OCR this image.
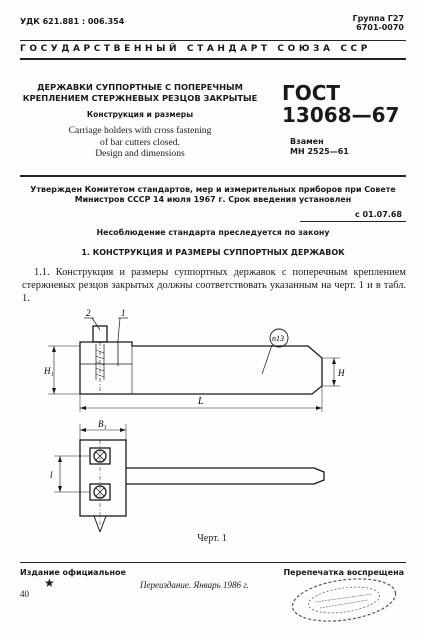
УДК 621.881 : 006.354	Группа Г27
6701-0070
ГОСУДАРСТВЕННЫЙ СТАНДАРТ СОЮЗА ССР
ДЕРЖАВКИ СУППОРТНЫЕ С ПОПЕРЕЧНЫМ
КРЕПЛЕНИЕМ СТЕРЖНЕВЫХ РЕЗЦОВ ЗАКРЫТЫЕ
Конструкция и размеры
Carriage holders with cross fastening
of bar cutters closed.
Design and dimensions
ГОСТ
13068—67
Взамен
МН 2525—61
Утвержден Комитетом стандартов, мер и измерительных приборов при Совете Министров СССР 14 июля 1967 г. Срок введения установлен
с 01.07.68
Несоблюдение стандарта преследуется по закону
1. КОНСТРУКЦИЯ И РАЗМЕРЫ СУППОРТНЫХ ДЕРЖАВОК
1.1. Конструкция и размеры суппортных державок с поперечным креплением стержневых резцов закрытых должны соответствовать указанным на черт. 1 и в табл. 1.
2	1
n13
H₁	H
L
B₁
l
Черт. 1
Издание официальное	Перепечатка воспрещена
★
40
Переиздание. Январь 1986 г.
